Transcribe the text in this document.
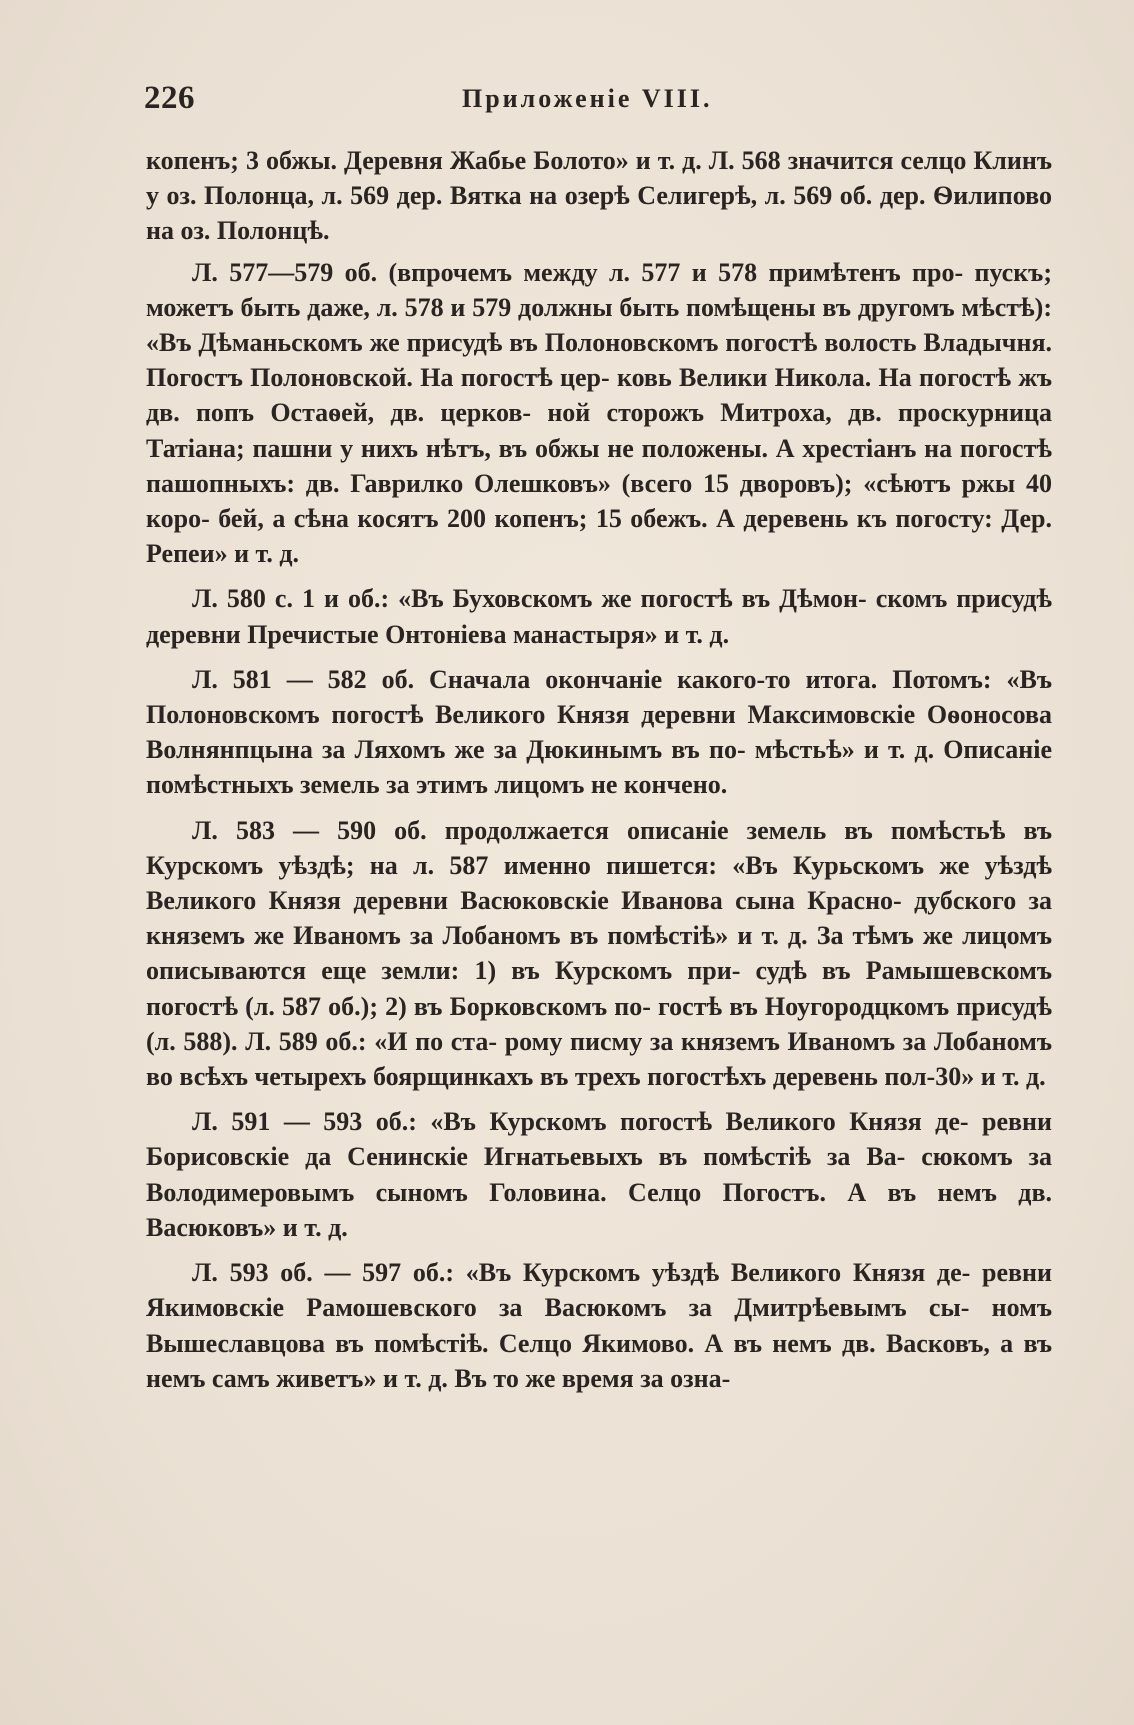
226	Приложеніе VIII.

копенъ; 3 обжы. Деревня Жабье Болото» и т. д. Л. 568 значится селцо Клинъ у оз. Полонца, л. 569 дер. Вятка на озерѣ Селигерѣ, л. 569 об. дер. Ѳилипово на оз. Полонцѣ.

Л. 577—579 об. (впрочемъ между л. 577 и 578 примѣтенъ про- пускъ; можетъ быть даже, л. 578 и 579 должны быть помѣщены въ другомъ мѣстѣ): «Въ Дѣманьскомъ же присудѣ въ Полоновскомъ погостѣ волость Владычня. Погостъ Полоновской. На погостѣ цер- ковь Велики Никола. На погостѣ жъ дв. попъ Остаѳей, дв. церков- ной сторожъ Митроха, дв. проскурница Татіана; пашни у нихъ нѣтъ, въ обжы не положены. А хрестіанъ на погостѣ пашопныхъ: дв. Гаврилко Олешковъ» (всего 15 дворовъ); «сѣютъ ржы 40 коро- бей, а сѣна косятъ 200 копенъ; 15 обежъ. А деревень къ погосту: Дер. Репеи» и т. д.

Л. 580 с. 1 и об.: «Въ Буховскомъ же погостѣ въ Дѣмон- скомъ присудѣ деревни Пречистые Онтоніева манастыря» и т. д.

Л. 581 — 582 об. Сначала окончаніе какого-то итога. Потомъ: «Въ Полоновскомъ погостѣ Великого Князя деревни Максимовскіе Оѳоносова Волнянпцына за Ляхомъ же за Дюкинымъ въ по- мѣстьѣ» и т. д. Описаніе помѣстныхъ земель за этимъ лицомъ не кончено.

Л. 583 — 590 об. продолжается описаніе земель въ помѣстьѣ въ Курскомъ уѣздѣ; на л. 587 именно пишется: «Въ Курьскомъ же уѣздѣ Великого Князя деревни Васюковскіе Иванова сына Красно- дубского за княземъ же Иваномъ за Лобаномъ въ помѣстіѣ» и т. д. За тѣмъ же лицомъ описываются еще земли: 1) въ Курскомъ при- судѣ въ Рамышевскомъ погостѣ (л. 587 об.); 2) въ Борковскомъ по- гостѣ въ Ноугородцкомъ присудѣ (л. 588). Л. 589 об.: «И по ста- рому писму за княземъ Иваномъ за Лобаномъ во всѣхъ четырехъ боярщинкахъ въ трехъ погостѣхъ деревень пол-30» и т. д.

Л. 591 — 593 об.: «Въ Курскомъ погостѣ Великого Князя де- ревни Борисовскіе да Сенинскіе Игнатьевыхъ въ помѣстіѣ за Ва- сюкомъ за Володимеровымъ сыномъ Головина. Селцо Погостъ. А въ немъ дв. Васюковъ» и т. д.

Л. 593 об. — 597 об.: «Въ Курскомъ уѣздѣ Великого Князя де- ревни Якимовскіе Рамошевского за Васюкомъ за Дмитрѣевымъ сы- номъ Вышеславцова въ помѣстіѣ. Селцо Якимово. А въ немъ дв. Васковъ, а въ немъ самъ живетъ» и т. д. Въ то же время за озна-
